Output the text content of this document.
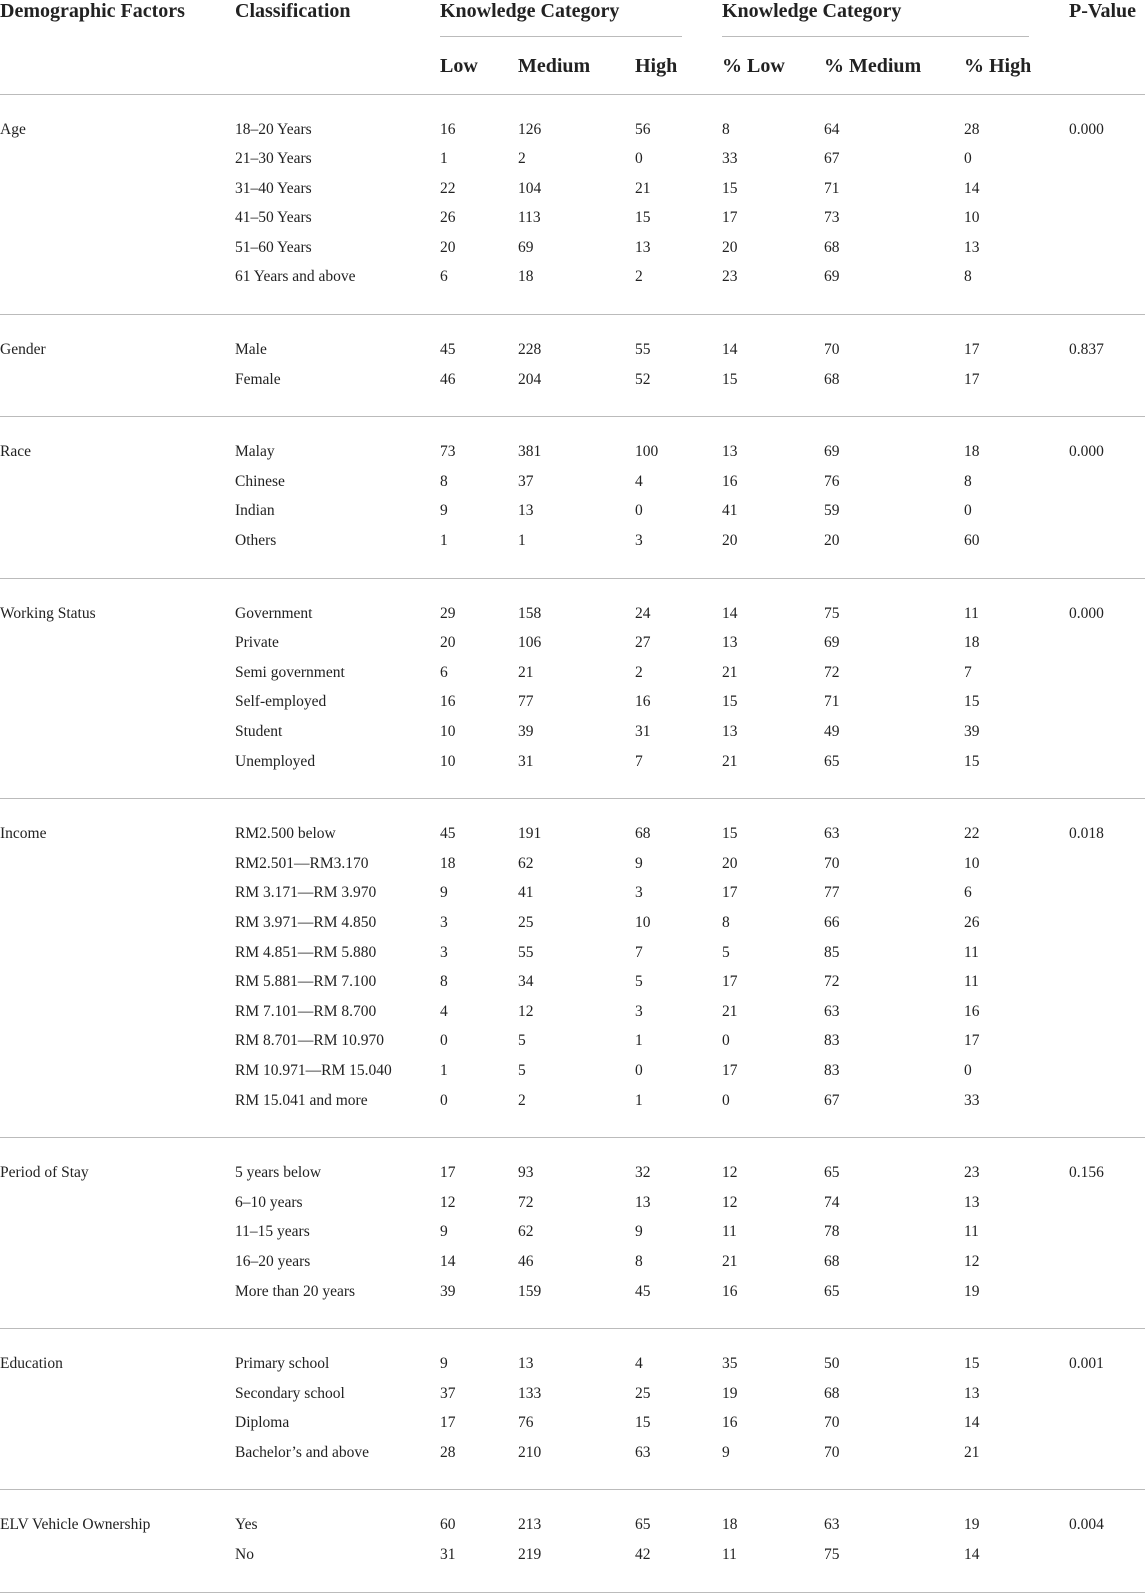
Demographic Factors	Classification	Knowledge Category			Knowledge Category			P-Value
		Low	Medium	High	% Low	% Medium	% High	
Age	18–20 Years	16	126	56	8	64	28	0.000
	21–30 Years	1	2	0	33	67	0	
	31–40 Years	22	104	21	15	71	14	
	41–50 Years	26	113	15	17	73	10	
	51–60 Years	20	69	13	20	68	13	
	61 Years and above	6	18	2	23	69	8	
Gender	Male	45	228	55	14	70	17	0.837
	Female	46	204	52	15	68	17	
Race	Malay	73	381	100	13	69	18	0.000
	Chinese	8	37	4	16	76	8	
	Indian	9	13	0	41	59	0	
	Others	1	1	3	20	20	60	
Working Status	Government	29	158	24	14	75	11	0.000
	Private	20	106	27	13	69	18	
	Semi government	6	21	2	21	72	7	
	Self-employed	16	77	16	15	71	15	
	Student	10	39	31	13	49	39	
	Unemployed	10	31	7	21	65	15	
Income	RM2.500 below	45	191	68	15	63	22	0.018
	RM2.501—RM3.170	18	62	9	20	70	10	
	RM 3.171—RM 3.970	9	41	3	17	77	6	
	RM 3.971—RM 4.850	3	25	10	8	66	26	
	RM 4.851—RM 5.880	3	55	7	5	85	11	
	RM 5.881—RM 7.100	8	34	5	17	72	11	
	RM 7.101—RM 8.700	4	12	3	21	63	16	
	RM 8.701—RM 10.970	0	5	1	0	83	17	
	RM 10.971—RM 15.040	1	5	0	17	83	0	
	RM 15.041 and more	0	2	1	0	67	33	
Period of Stay	5 years below	17	93	32	12	65	23	0.156
	6–10 years	12	72	13	12	74	13	
	11–15 years	9	62	9	11	78	11	
	16–20 years	14	46	8	21	68	12	
	More than 20 years	39	159	45	16	65	19	
Education	Primary school	9	13	4	35	50	15	0.001
	Secondary school	37	133	25	19	68	13	
	Diploma	17	76	15	16	70	14	
	Bachelor’s and above	28	210	63	9	70	21	
ELV Vehicle Ownership	Yes	60	213	65	18	63	19	0.004
	No	31	219	42	11	75	14	
